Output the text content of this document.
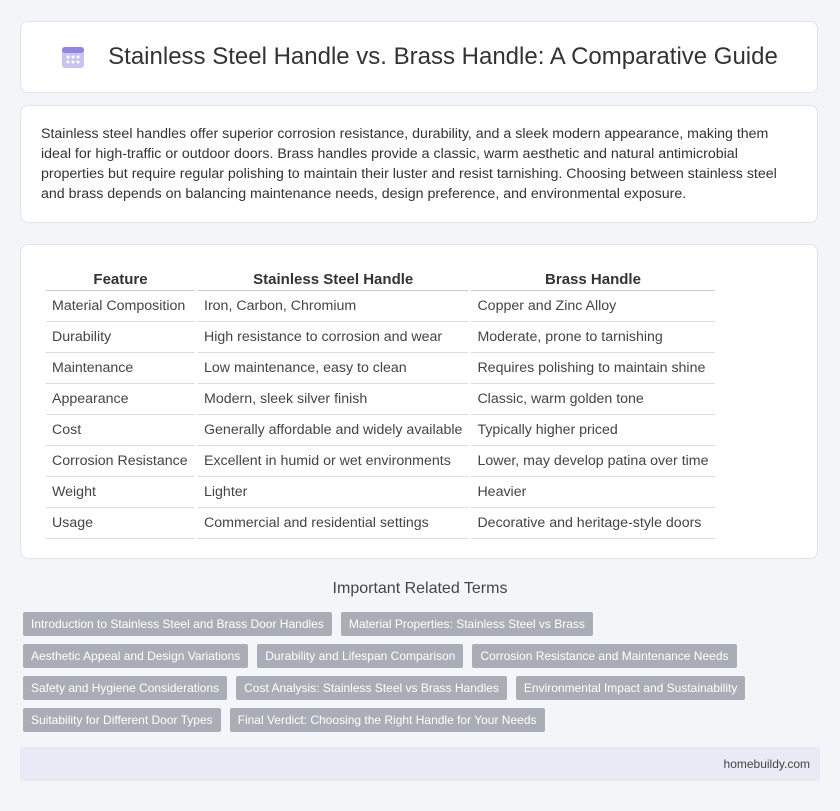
Stainless Steel Handle vs. Brass Handle: A Comparative Guide

Stainless steel handles offer superior corrosion resistance, durability, and a sleek modern appearance, making them ideal for high-traffic or outdoor doors. Brass handles provide a classic, warm aesthetic and natural antimicrobial properties but require regular polishing to maintain their luster and resist tarnishing. Choosing between stainless steel and brass depends on balancing maintenance needs, design preference, and environmental exposure.

Feature	Stainless Steel Handle	Brass Handle
Material Composition	Iron, Carbon, Chromium	Copper and Zinc Alloy
Durability	High resistance to corrosion and wear	Moderate, prone to tarnishing
Maintenance	Low maintenance, easy to clean	Requires polishing to maintain shine
Appearance	Modern, sleek silver finish	Classic, warm golden tone
Cost	Generally affordable and widely available	Typically higher priced
Corrosion Resistance	Excellent in humid or wet environments	Lower, may develop patina over time
Weight	Lighter	Heavier
Usage	Commercial and residential settings	Decorative and heritage-style doors
Important Related Terms
Introduction to Stainless Steel and Brass Door Handles	Material Properties: Stainless Steel vs Brass
Aesthetic Appeal and Design Variations	Durability and Lifespan Comparison	Corrosion Resistance and Maintenance Needs
Safety and Hygiene Considerations	Cost Analysis: Stainless Steel vs Brass Handles	Environmental Impact and Sustainability
Suitability for Different Door Types	Final Verdict: Choosing the Right Handle for Your Needs
homebuildy.com
